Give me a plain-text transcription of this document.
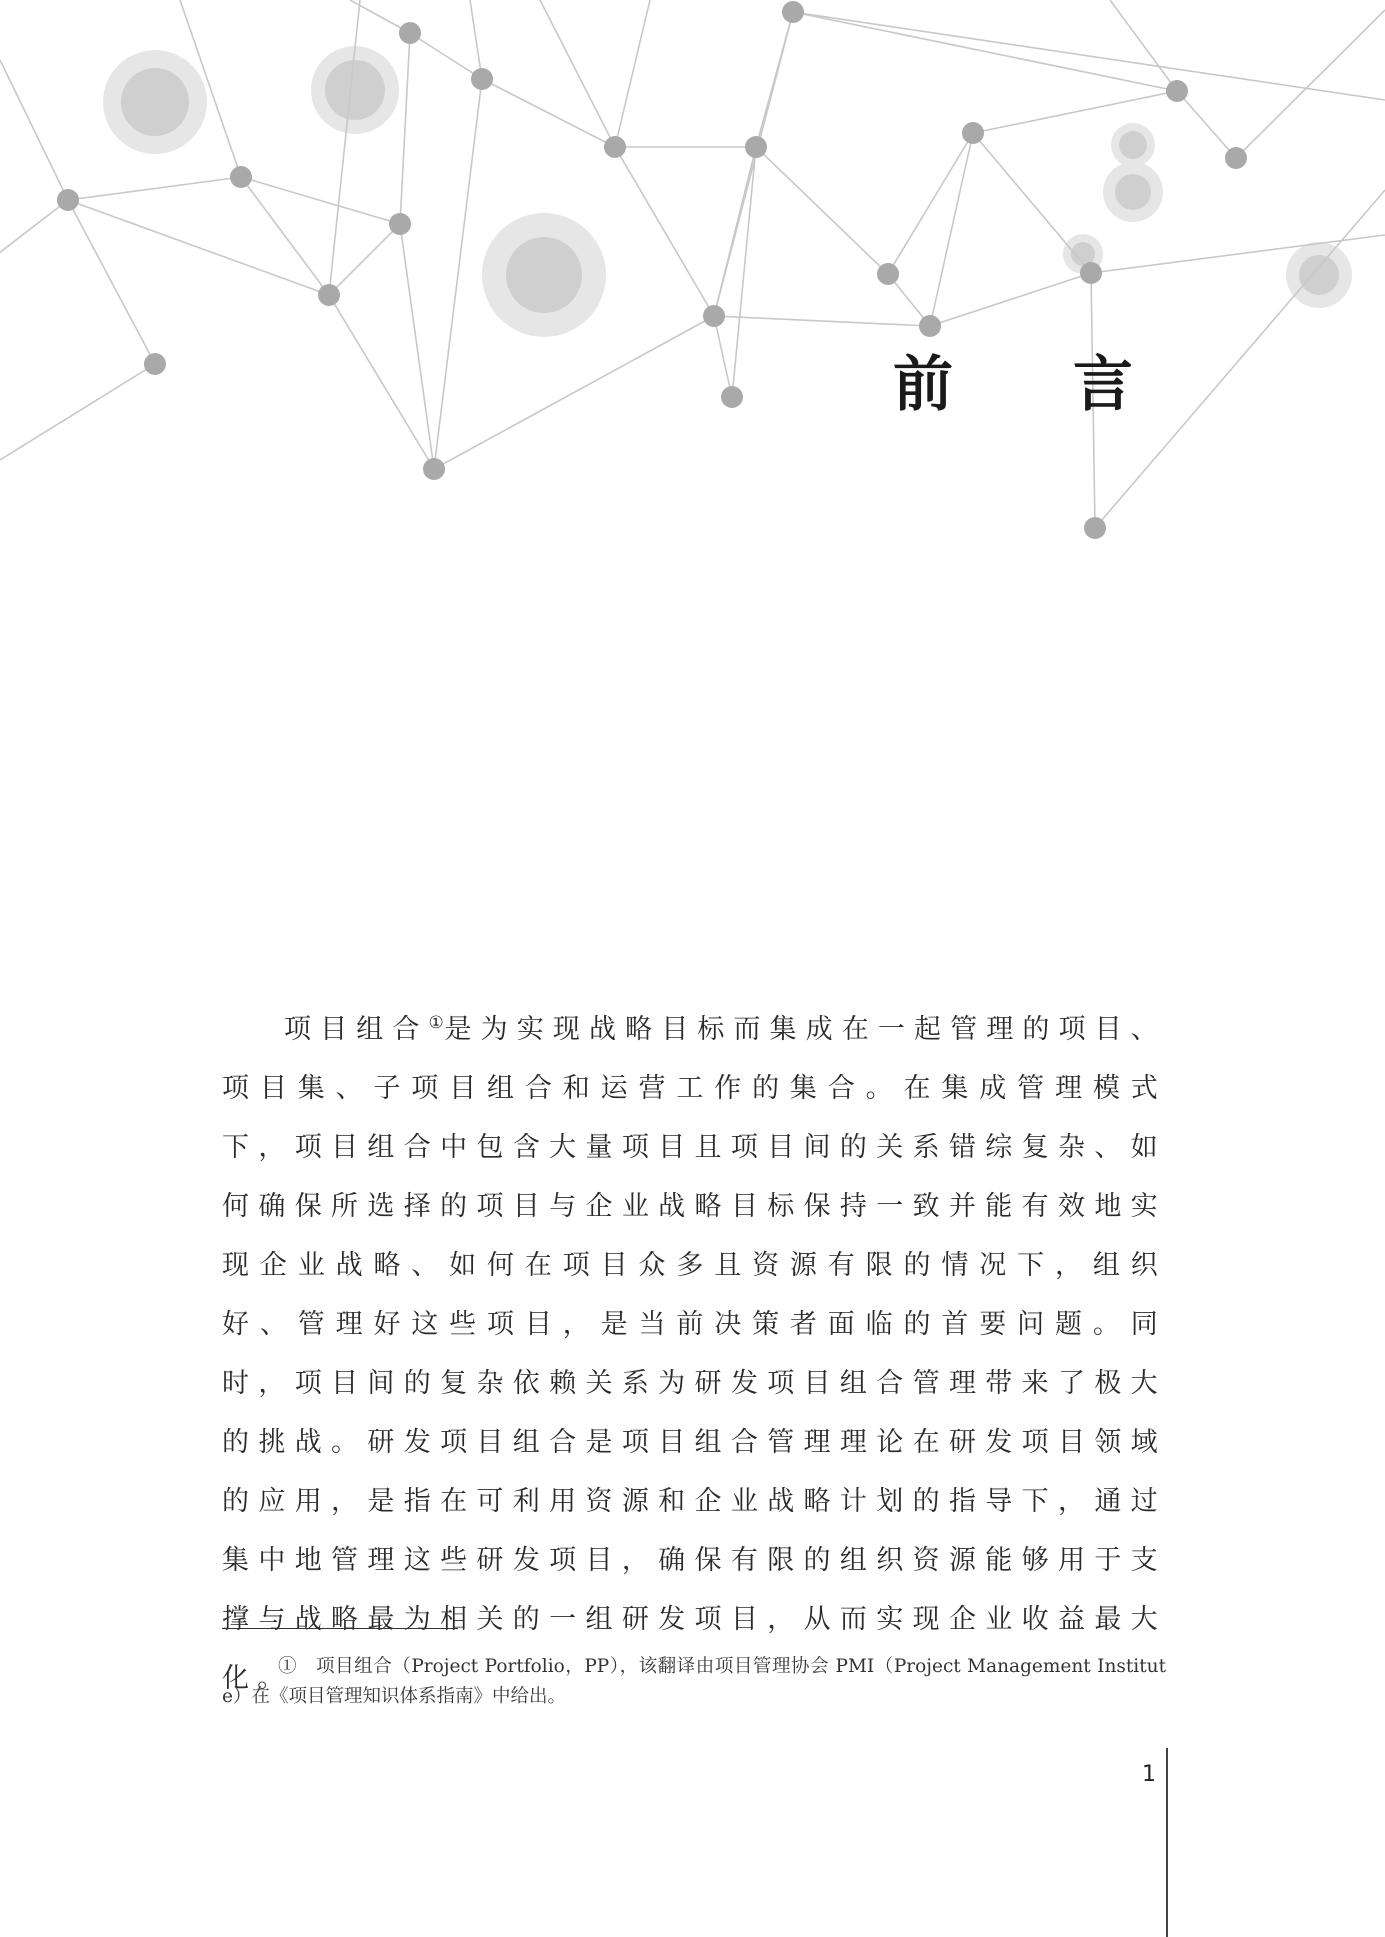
前 言

项目组合①是为实现战略目标而集成在一起管理的项目、项目集、子项目组合和运营工作的集合。在集成管理模式下，项目组合中包含大量项目且项目间的关系错综复杂、如何确保所选择的项目与企业战略目标保持一致并能有效地实现企业战略、如何在项目众多且资源有限的情况下，组织好、管理好这些项目，是当前决策者面临的首要问题。同时，项目间的复杂依赖关系为研发项目组合管理带来了极大的挑战。研发项目组合是项目组合管理理论在研发项目领域的应用，是指在可利用资源和企业战略计划的指导下，通过集中地管理这些研发项目，确保有限的组织资源能够用于支撑与战略最为相关的一组研发项目，从而实现企业收益最大化。

①　项目组合（Project Portfolio，PP），该翻译由项目管理协会 PMI（Project Management Institute）在《项目管理知识体系指南》中给出。

1
